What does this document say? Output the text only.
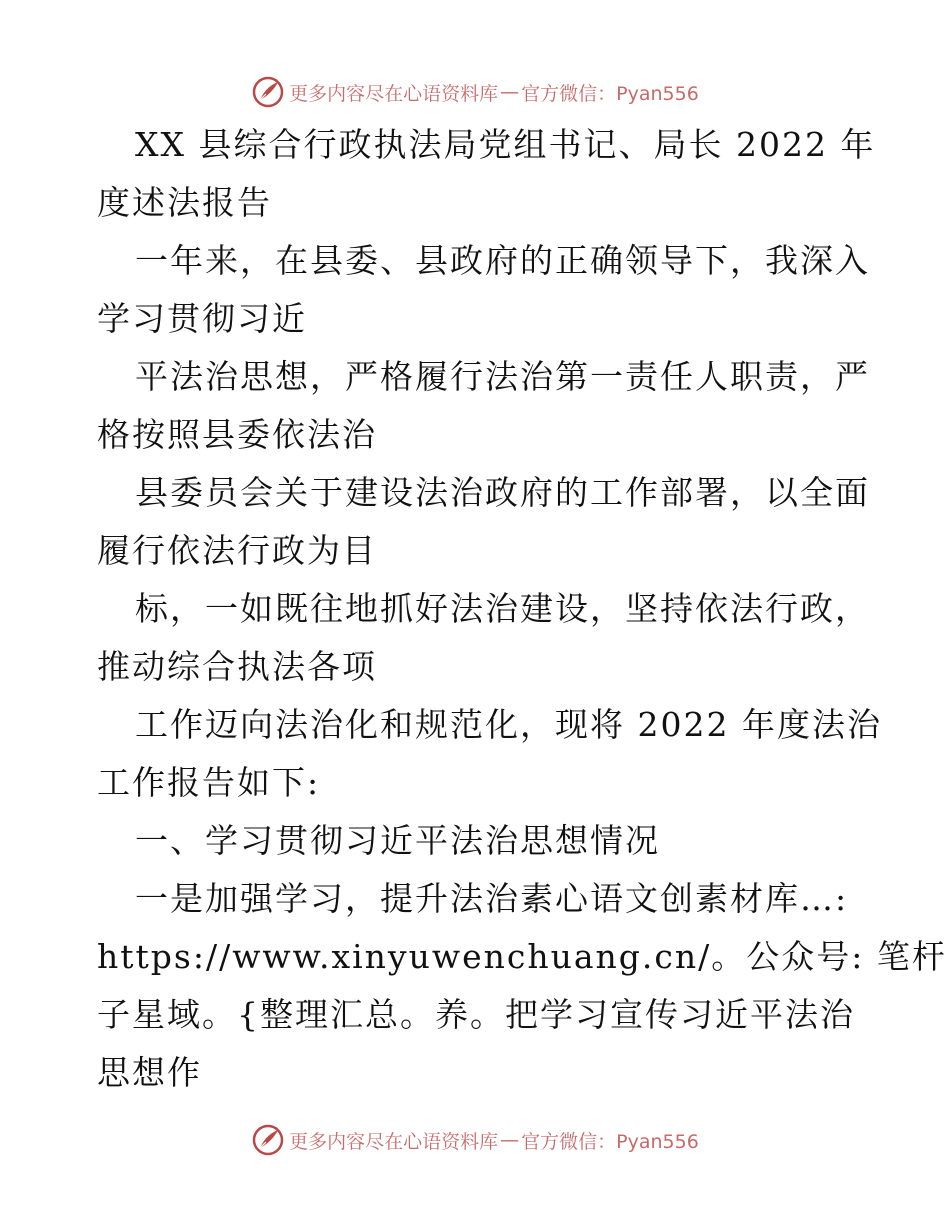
更多内容尽在心语资料库 — 官方微信：Pyan556
XX 县综合行政执法局党组书记、局长 2022 年
度述法报告
一年来，在县委、县政府的正确领导下，我深入
学习贯彻习近
平法治思想，严格履行法治第一责任人职责，严
格按照县委依法治
县委员会关于建设法治政府的工作部署，以全面
履行依法行政为目
标，一如既往地抓好法治建设，坚持依法行政，
推动综合执法各项
工作迈向法治化和规范化，现将 2022 年度法治
工作报告如下:
一、学习贯彻习近平法治思想情况
一是加强学习，提升法治素心语文创素材库…:
https://www.xinyuwenchuang.cn/。公众号: 笔杆
子星域。{整理汇总。养。把学习宣传习近平法治
思想作
更多内容尽在心语资料库 — 官方微信：Pyan556
